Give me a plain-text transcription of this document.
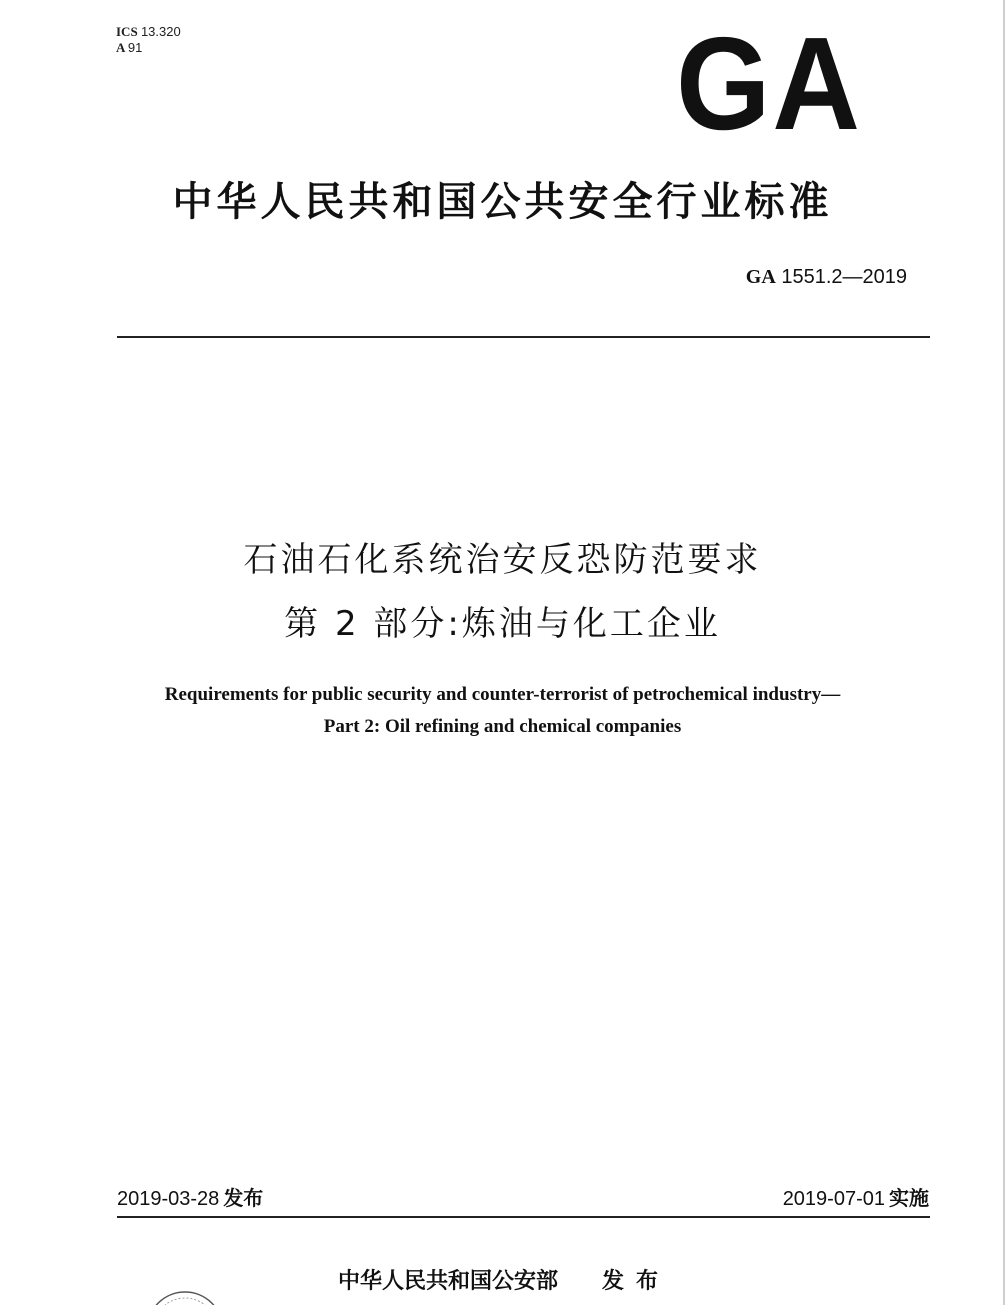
ICS 13.320
A 91	GA
中华人民共和国公共安全行业标准
GA 1551.2—2019
石油石化系统治安反恐防范要求
第 2 部分:炼油与化工企业
Requirements for public security and counter-terrorist of petrochemical industry—
Part 2: Oil refining and chemical companies
2019-03-28 发布	2019-07-01 实施
中华人民共和国公安部 发布
